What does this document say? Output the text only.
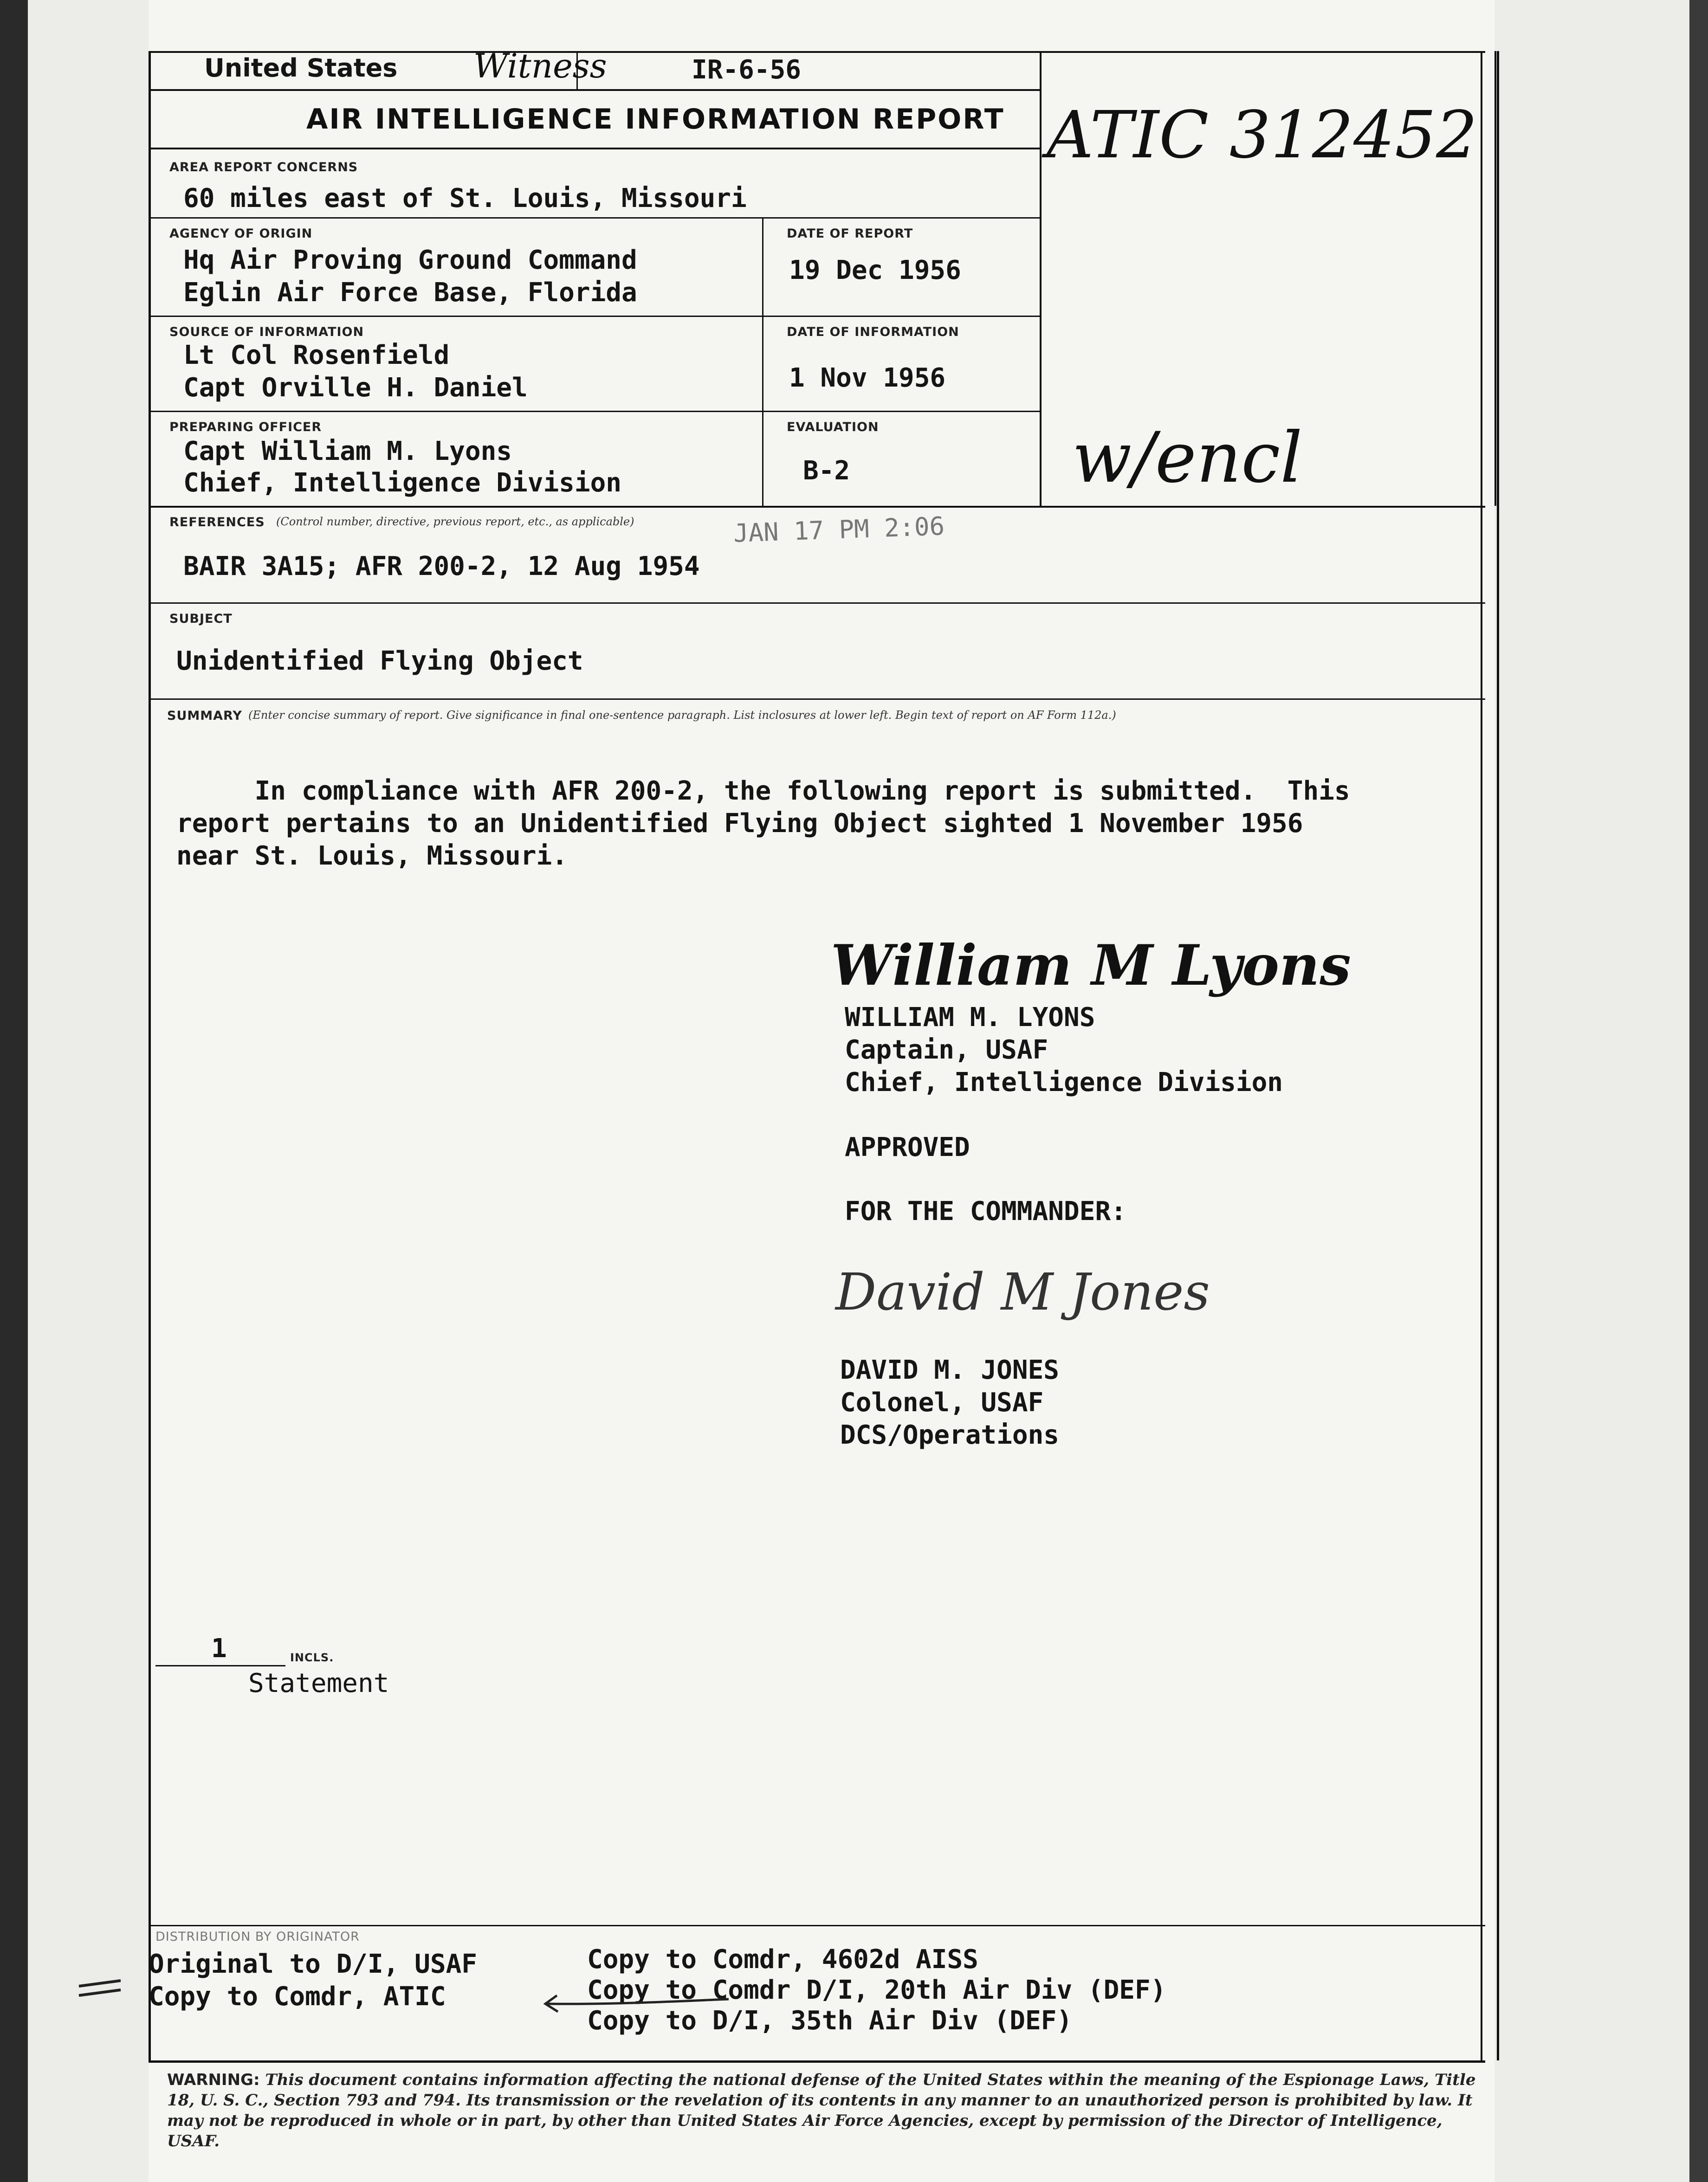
United States Witness	IR-6-56
AIR INTELLIGENCE INFORMATION REPORT ATIC 312452
AREA REPORT CONCERNS
60 miles east of St. Louis, Missouri
AGENCY OF ORIGIN
Hq Air Proving Ground Command
Eglin Air Force Base, Florida
DATE OF REPORT
19 Dec 1956
SOURCE OF INFORMATION
Lt Col Rosenfield
Capt Orville H. Daniel
DATE OF INFORMATION
1 Nov 1956
PREPARING OFFICER
Capt William M. Lyons
Chief, Intelligence Division
EVALUATION
B-2	w/encl
REFERENCES (Control number, directive, previous report, etc., as applicable)
BAIR 3A15; AFR 200-2, 12 Aug 1954
JAN 17 PM 2:06
SUBJECT
Unidentified Flying Object
SUMMARY (Enter concise summary of report. Give significance in final one-sentence paragraph. List inclosures at lower left. Begin text of report on AF Form 112a.)
In compliance with AFR 200-2, the following report is submitted.  This
report pertains to an Unidentified Flying Object sighted 1 November 1956
near St. Louis, Missouri.
William M Lyons
WILLIAM M. LYONS
Captain, USAF
Chief, Intelligence Division
APPROVED
FOR THE COMMANDER:
David M Jones
DAVID M. JONES
Colonel, USAF
DCS/Operations
1	INCLS.
Statement
DISTRIBUTION BY ORIGINATOR
Original to D/I, USAF
Copy to Comdr, ATIC
Copy to Comdr, 4602d AISS
Copy to Comdr D/I, 20th Air Div (DEF)
Copy to D/I, 35th Air Div (DEF)
WARNING: This document contains information affecting the national defense of the United States within the meaning of the Espionage Laws, Title 18, U. S. C., Section 793 and 794. Its transmission or the revelation of its contents in any manner to an unauthorized person is prohibited by law. It may not be reproduced in whole or in part, by other than United States Air Force Agencies, except by permission of the Director of Intelligence, USAF.
